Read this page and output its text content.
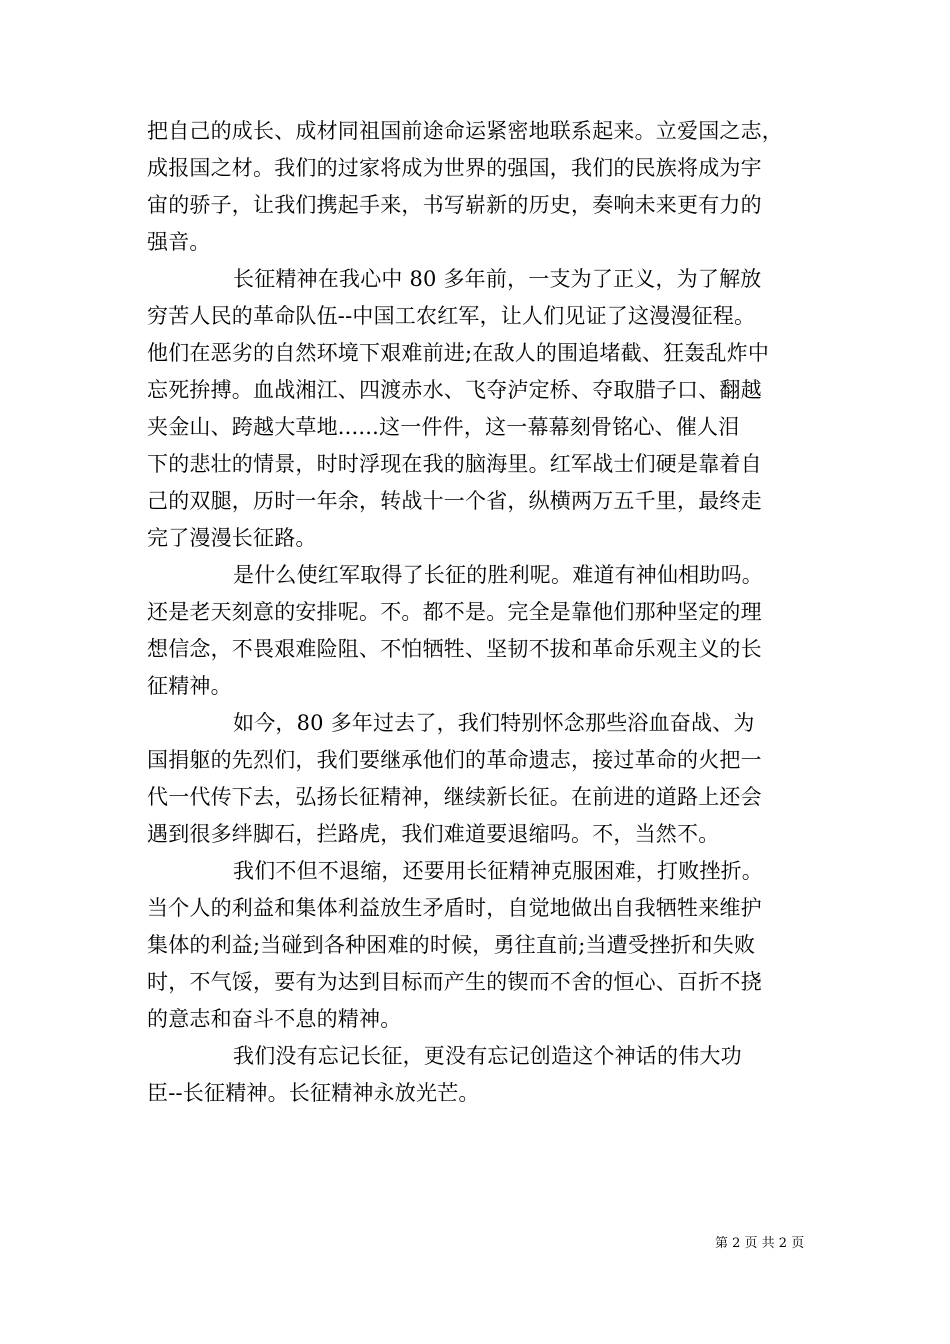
把自己的成长、成材同祖国前途命运紧密地联系起来。立爱国之志，
成报国之材。我们的过家将成为世界的强国，我们的民族将成为宇
宙的骄子，让我们携起手来，书写崭新的历史，奏响未来更有力的
强音。
长征精神在我心中 80 多年前，一支为了正义，为了解放
穷苦人民的革命队伍--中国工农红军，让人们见证了这漫漫征程。
他们在恶劣的自然环境下艰难前进;在敌人的围追堵截、狂轰乱炸中
忘死拚搏。血战湘江、四渡赤水、飞夺泸定桥、夺取腊子口、翻越
夹金山、跨越大草地......这一件件，这一幕幕刻骨铭心、催人泪
下的悲壮的情景，时时浮现在我的脑海里。红军战士们硬是靠着自
己的双腿，历时一年余，转战十一个省，纵横两万五千里，最终走
完了漫漫长征路。
是什么使红军取得了长征的胜利呢。难道有神仙相助吗。
还是老天刻意的安排呢。不。都不是。完全是靠他们那种坚定的理
想信念，不畏艰难险阻、不怕牺牲、坚韧不拔和革命乐观主义的长
征精神。
如今，80 多年过去了，我们特别怀念那些浴血奋战、为
国捐躯的先烈们，我们要继承他们的革命遗志，接过革命的火把一
代一代传下去，弘扬长征精神，继续新长征。在前进的道路上还会
遇到很多绊脚石，拦路虎，我们难道要退缩吗。不，当然不。
我们不但不退缩，还要用长征精神克服困难，打败挫折。
当个人的利益和集体利益放生矛盾时，自觉地做出自我牺牲来维护
集体的利益;当碰到各种困难的时候，勇往直前;当遭受挫折和失败
时，不气馁，要有为达到目标而产生的锲而不舍的恒心、百折不挠
的意志和奋斗不息的精神。
我们没有忘记长征，更没有忘记创造这个神话的伟大功
臣--长征精神。长征精神永放光芒。
第 2 页 共 2 页
